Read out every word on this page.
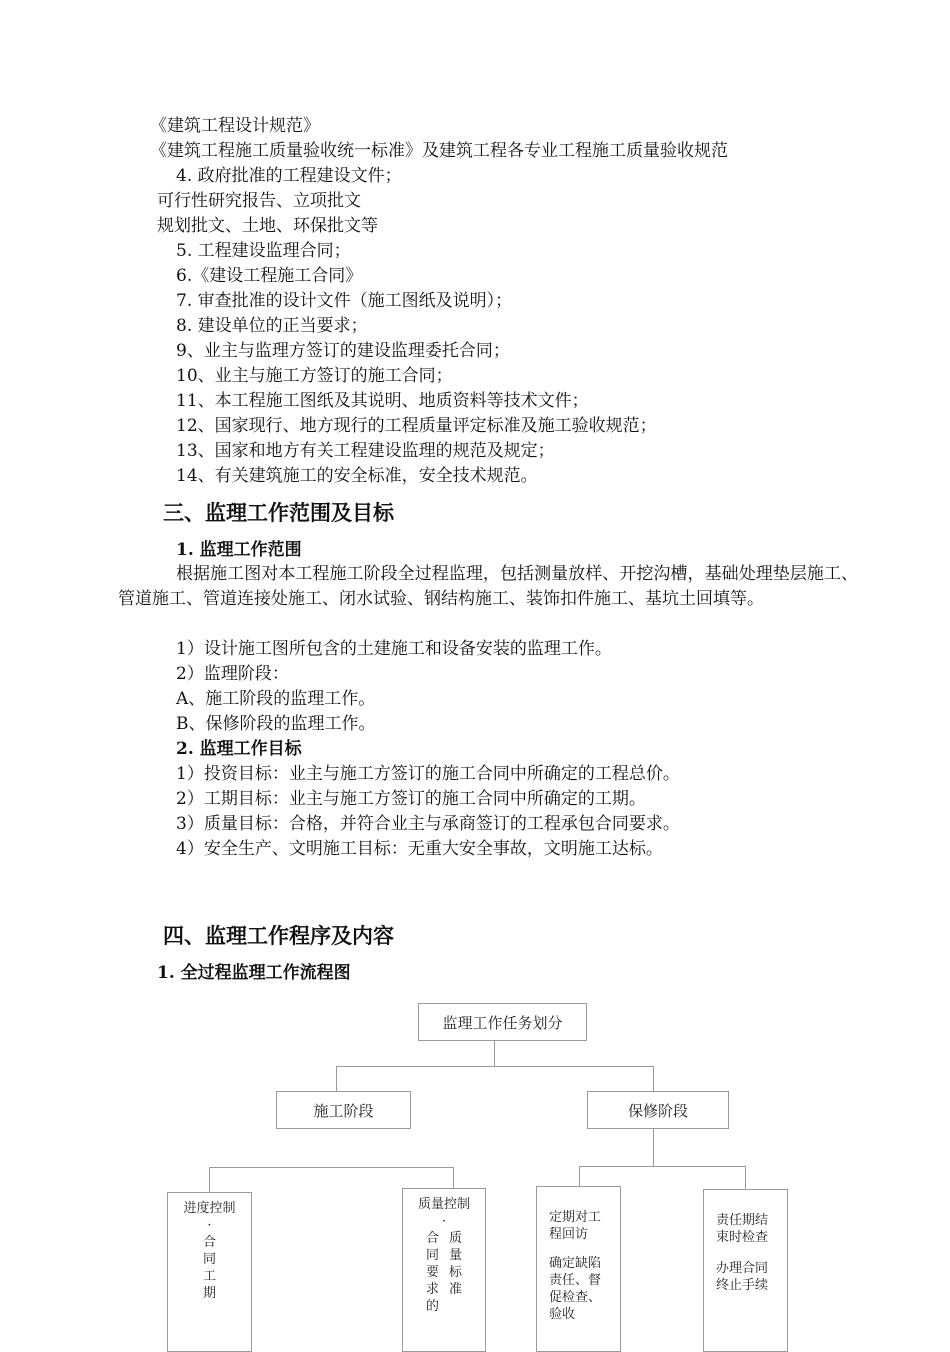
《建筑工程设计规范》
《建筑工程施工质量验收统一标准》及建筑工程各专业工程施工质量验收规范
4. 政府批准的工程建设文件；
可行性研究报告、立项批文
规划批文、土地、环保批文等
5. 工程建设监理合同；
6.《建设工程施工合同》
7. 审查批准的设计文件（施工图纸及说明）；
8. 建设单位的正当要求；
9、业主与监理方签订的建设监理委托合同；
10、业主与施工方签订的施工合同；
11、本工程施工图纸及其说明、地质资料等技术文件；
12、国家现行、地方现行的工程质量评定标准及施工验收规范；
13、国家和地方有关工程建设监理的规范及规定；
14、有关建筑施工的安全标准，安全技术规范。
三、监理工作范围及目标
1. 监理工作范围
根据施工图对本工程施工阶段全过程监理，包括测量放样、开挖沟槽，基础处理垫层施工、管道施工、管道连接处施工、闭水试验、钢结构施工、装饰扣件施工、基坑土回填等。
1）设计施工图所包含的土建施工和设备安装的监理工作。
2）监理阶段：
A、施工阶段的监理工作。
B、保修阶段的监理工作。
2. 监理工作目标
1）投资目标：业主与施工方签订的施工合同中所确定的工程总价。
2）工期目标：业主与施工方签订的施工合同中所确定的工期。
3）质量目标：合格，并符合业主与承商签订的工程承包合同要求。
4）安全生产、文明施工目标：无重大安全事故，文明施工达标。
四、监理工作程序及内容
1. 全过程监理工作流程图
监理工作任务划分
施工阶段	保修阶段
进度控制
·
合
同
工
期
质量控制
·
合
同
要
求
的
质
量
标
准
定期对工程回访
确定缺陷责任、督促检查、验收
责任期结束时检查
办理合同终止手续
